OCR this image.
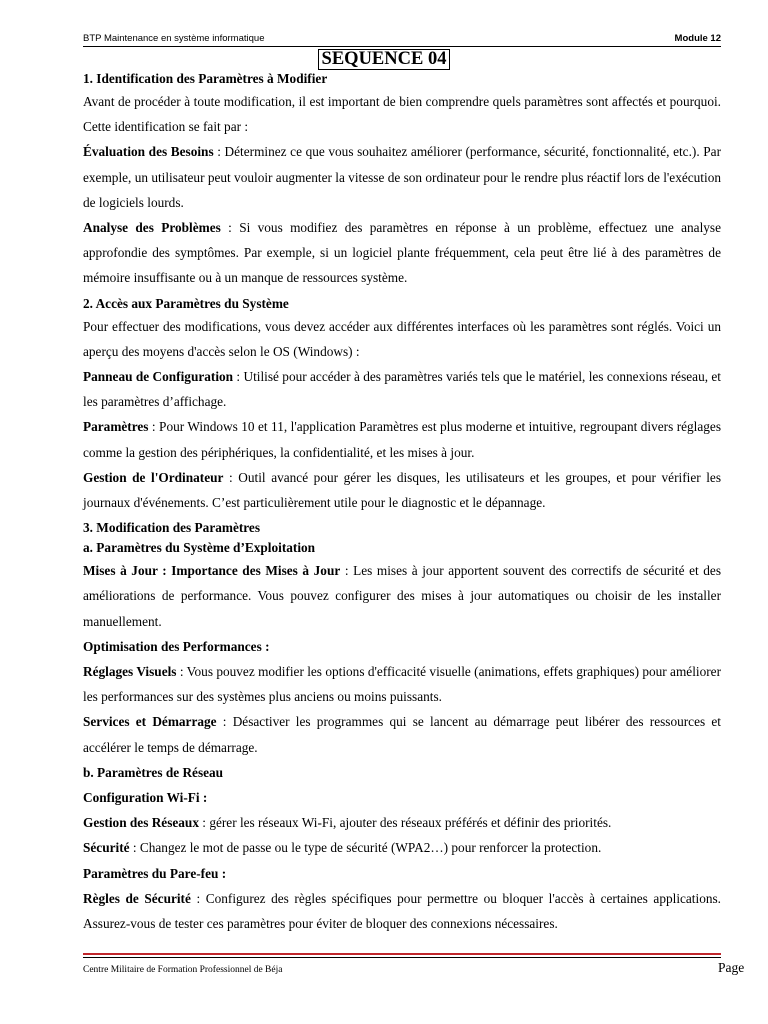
BTP Maintenance en système informatique	Module 12
SEQUENCE 04

1. Identification des Paramètres à Modifier

Avant de procéder à toute modification, il est important de bien comprendre quels paramètres sont affectés et pourquoi. Cette identification se fait par :

Évaluation des Besoins : Déterminez ce que vous souhaitez améliorer (performance, sécurité, fonctionnalité, etc.). Par exemple, un utilisateur peut vouloir augmenter la vitesse de son ordinateur pour le rendre plus réactif lors de l'exécution de logiciels lourds.

Analyse des Problèmes : Si vous modifiez des paramètres en réponse à un problème, effectuez une analyse approfondie des symptômes. Par exemple, si un logiciel plante fréquemment, cela peut être lié à des paramètres de mémoire insuffisante ou à un manque de ressources système.

2. Accès aux Paramètres du Système

Pour effectuer des modifications, vous devez accéder aux différentes interfaces où les paramètres sont réglés. Voici un aperçu des moyens d'accès selon le OS (Windows) :

Panneau de Configuration : Utilisé pour accéder à des paramètres variés tels que le matériel, les connexions réseau, et les paramètres d’affichage.

Paramètres : Pour Windows 10 et 11, l'application Paramètres est plus moderne et intuitive, regroupant divers réglages comme la gestion des périphériques, la confidentialité, et les mises à jour.

Gestion de l'Ordinateur : Outil avancé pour gérer les disques, les utilisateurs et les groupes, et pour vérifier les journaux d'événements. C’est particulièrement utile pour le diagnostic et le dépannage.

3. Modification des Paramètres

a. Paramètres du Système d’Exploitation

Mises à Jour : Importance des Mises à Jour : Les mises à jour apportent souvent des correctifs de sécurité et des améliorations de performance. Vous pouvez configurer des mises à jour automatiques ou choisir de les installer manuellement.

Optimisation des Performances :

Réglages Visuels : Vous pouvez modifier les options d'efficacité visuelle (animations, effets graphiques) pour améliorer les performances sur des systèmes plus anciens ou moins puissants.

Services et Démarrage : Désactiver les programmes qui se lancent au démarrage peut libérer des ressources et accélérer le temps de démarrage.

b. Paramètres de Réseau

Configuration Wi-Fi :

Gestion des Réseaux : gérer les réseaux Wi-Fi, ajouter des réseaux préférés et définir des priorités.

Sécurité : Changez le mot de passe ou le type de sécurité (WPA2…) pour renforcer la protection.

Paramètres du Pare-feu :

Règles de Sécurité : Configurez des règles spécifiques pour permettre ou bloquer l'accès à certaines applications. Assurez-vous de tester ces paramètres pour éviter de bloquer des connexions nécessaires.

Centre Militaire de Formation Professionnel de Béja	Page
